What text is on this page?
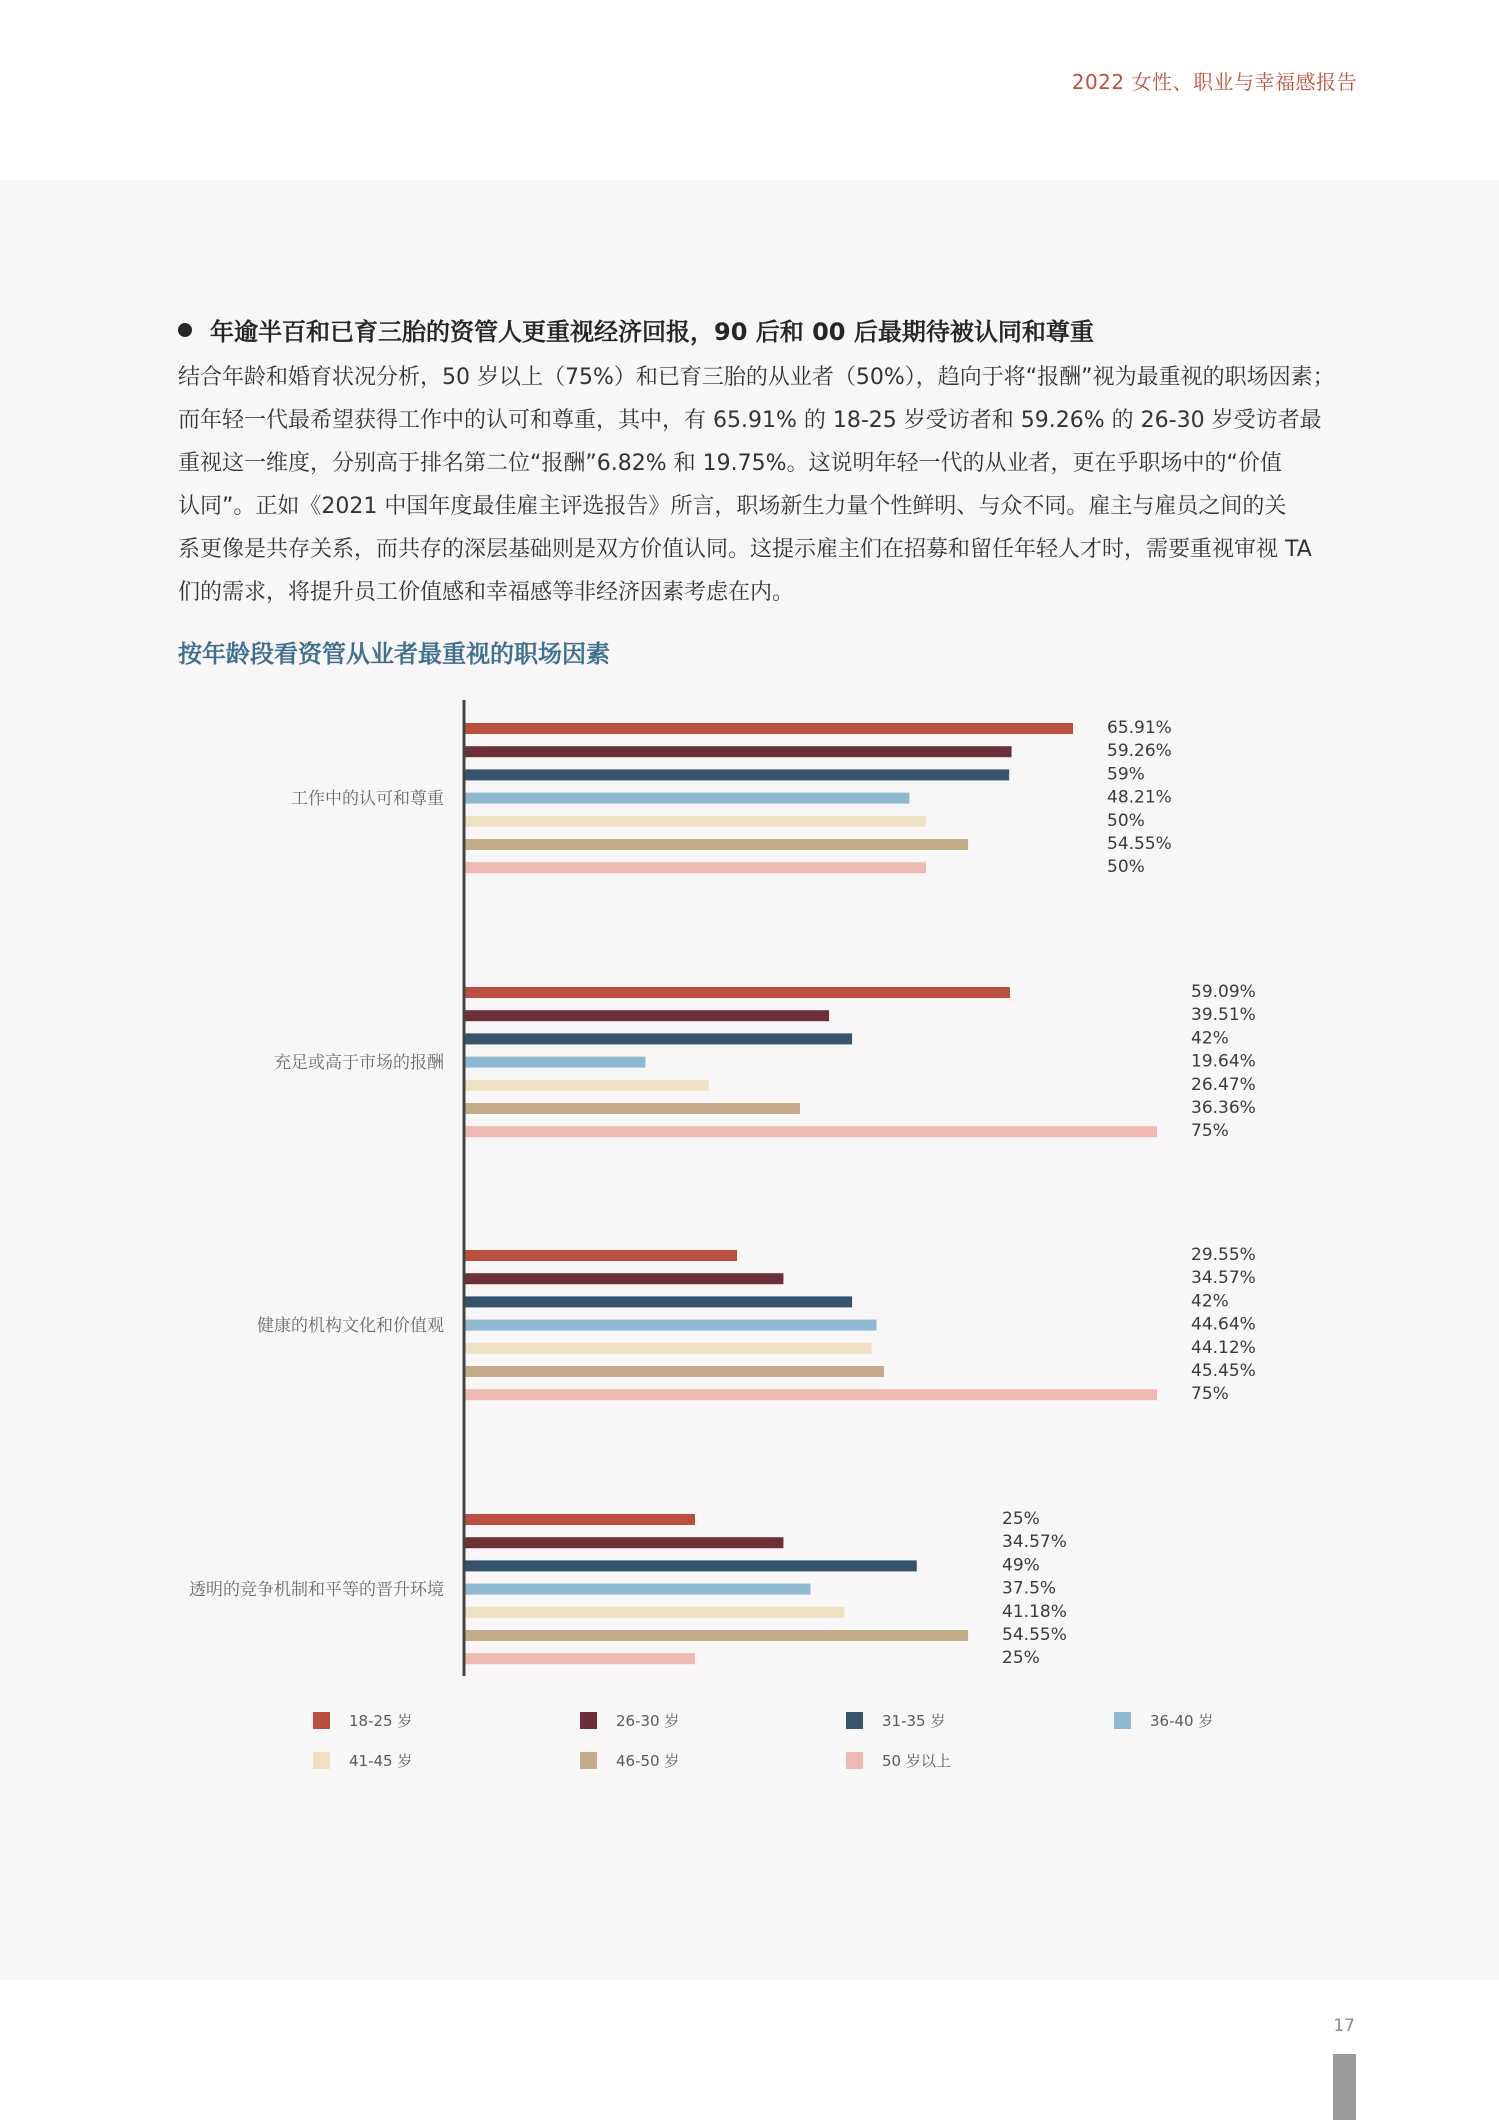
2022 女性、职业与幸福感报告
年逾半百和已育三胎的资管人更重视经济回报，90 后和 00 后最期待被认同和尊重
结合年龄和婚育状况分析，50 岁以上（75%）和已育三胎的从业者（50%），趋向于将“报酬”视为最重视的职场因素；
而年轻一代最希望获得工作中的认可和尊重，其中，有 65.91% 的 18-25 岁受访者和 59.26% 的 26-30 岁受访者最
重视这一维度，分别高于排名第二位“报酬”6.82% 和 19.75%。这说明年轻一代的从业者，更在乎职场中的“价值
认同”。正如《2021 中国年度最佳雇主评选报告》所言，职场新生力量个性鲜明、与众不同。雇主与雇员之间的关
系更像是共存关系，而共存的深层基础则是双方价值认同。这提示雇主们在招募和留任年轻人才时，需要重视审视 TA
们的需求，将提升员工价值感和幸福感等非经济因素考虑在内。
按年龄段看资管从业者最重视的职场因素
65.91%
59.26%
59%
48.21%
50%
54.55%
50%
工作中的认可和尊重
59.09%
39.51%
42%
19.64%
26.47%
36.36%
75%
充足或高于市场的报酬
29.55%
34.57%
42%
44.64%
44.12%
45.45%
75%
健康的机构文化和价值观
25%
34.57%
49%
37.5%
41.18%
54.55%
25%
透明的竞争机制和平等的晋升环境
18-25 岁	26-30 岁	31-35 岁	36-40 岁
41-45 岁	46-50 岁	50 岁以上
17
